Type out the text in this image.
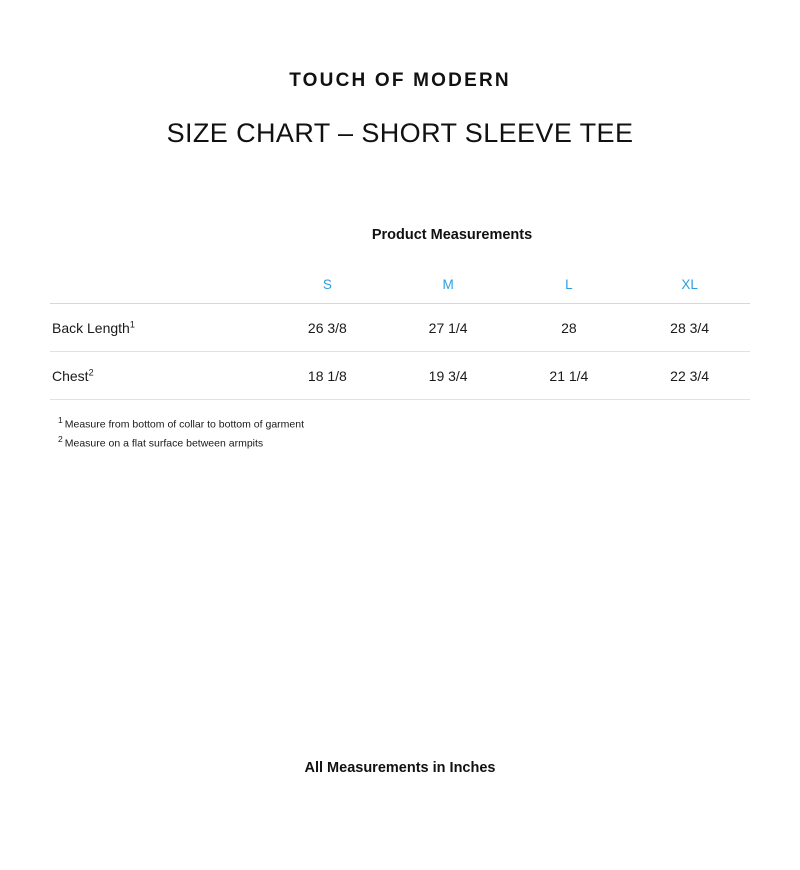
TOUCH OF MODERN
SIZE CHART – SHORT SLEEVE TEE
Product Measurements
	S	M	L	XL
Back Length$^1$	26 3/8	27 1/4	28	28 3/4
Chest$^2$	18 1/8	19 3/4	21 1/4	22 3/4
$^1$ Measure from bottom of collar to bottom of garment
$^2$ Measure on a flat surface between armpits
All Measurements in Inches
